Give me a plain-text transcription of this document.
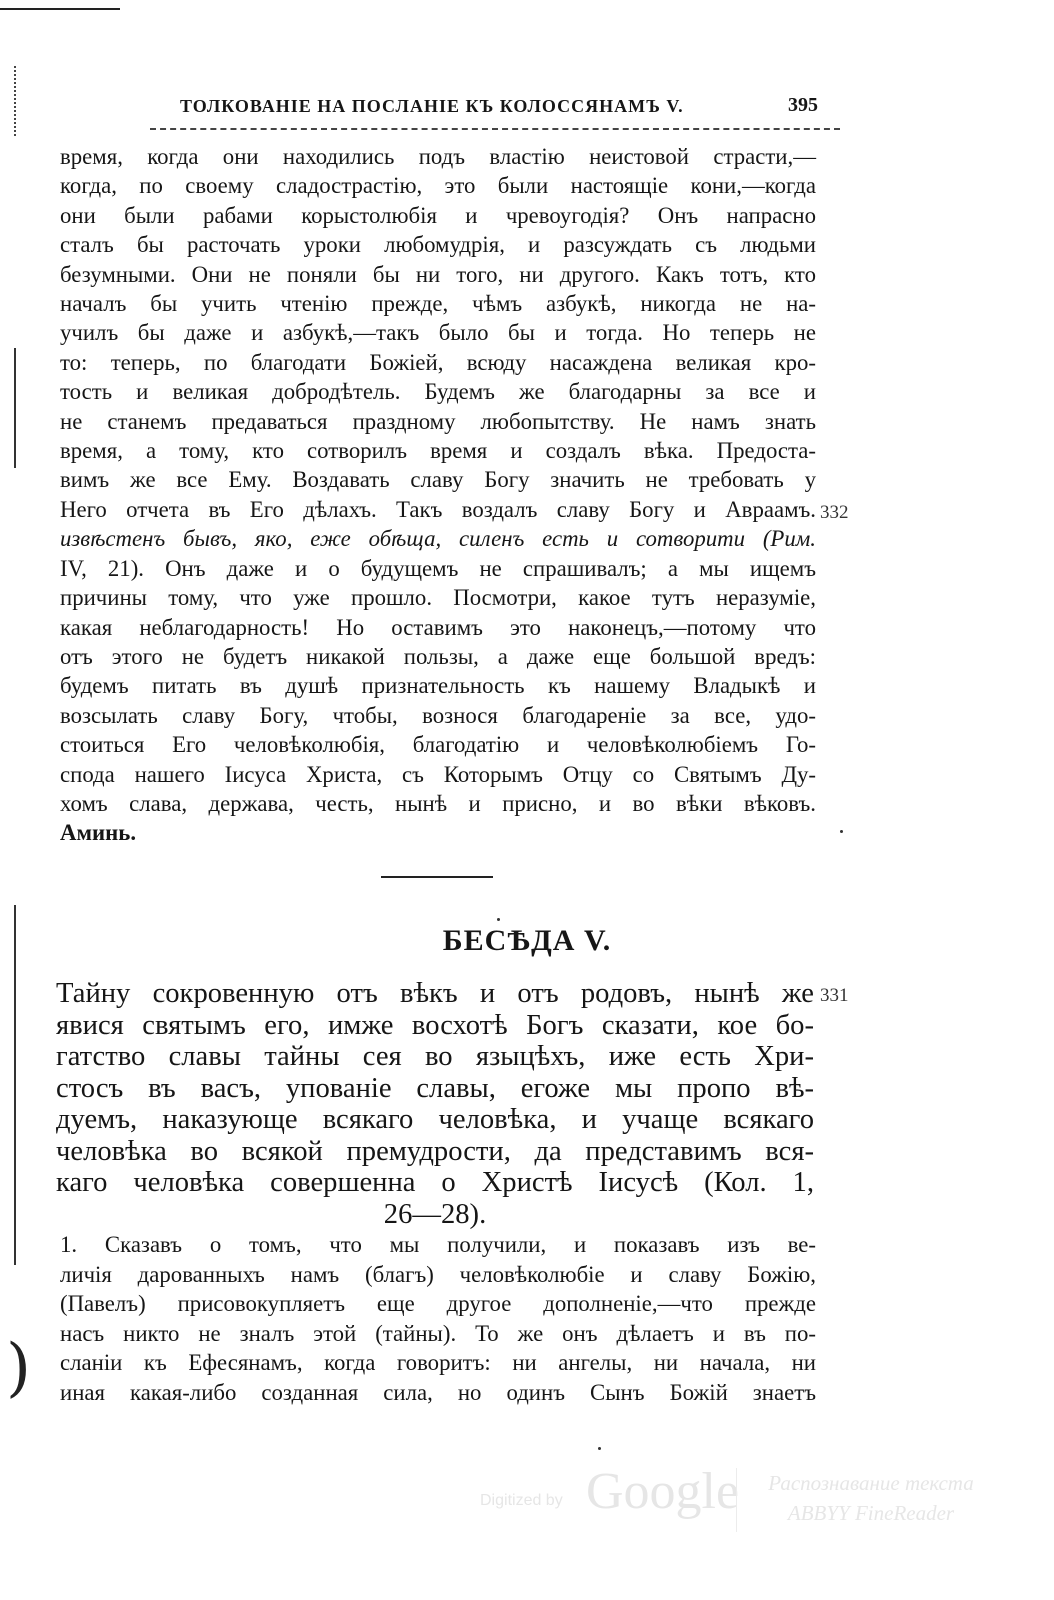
)
ТОЛКОВАНІЕ НА ПОСЛАНІЕ КЪ КОЛОССЯНАМЪ V.	395
время, когда они находились подъ властію неистовой страсти,—
когда, по своему сладострастію, это были настоящіе кони,—когда
они были рабами корыстолюбія и чревоугодія? Онъ напрасно
сталъ бы расточать уроки любомудрія, и разсуждать съ людьми
безумными. Они не поняли бы ни того, ни другого. Какъ тотъ, кто
началъ бы учить чтенію прежде, чѣмъ азбукѣ, никогда не на-
училъ бы даже и азбукѣ,—такъ было бы и тогда. Но теперь не
то: теперь, по благодати Божіей, всюду насаждена великая кро-
тость и великая добродѣтель. Будемъ же благодарны за все и
не станемъ предаваться праздному любопытству. Не намъ знать
время, а тому, кто сотворилъ время и создалъ вѣка. Предоста-
вимъ же все Ему. Воздавать славу Богу значить не требовать у
Него отчета въ Его дѣлахъ. Такъ воздалъ славу Богу и Авраамъ.
извѣстенъ бывъ, яко, еже обѣща, силенъ есть и сотворити (Рим.
IV, 21). Онъ даже и о будущемъ не спрашивалъ; а мы ищемъ
причины тому, что уже прошло. Посмотри, какое тутъ неразуміе,
какая неблагодарность! Но оставимъ это наконецъ,—потому что
отъ этого не будетъ никакой пользы, а даже еще большой вредъ:
будемъ питать въ душѣ признательность къ нашему Владыкѣ и
возсылать славу Богу, чтобы, вознося благодареніе за все, удо-
стоиться Его человѣколюбія, благодатію и человѣколюбіемъ Го-
спода нашего Іисуса Христа, съ Которымъ Отцу со Святымъ Ду-
хомъ слава, держава, честь, нынѣ и присно, и во вѣки вѣковъ.
Аминь.
332
331
БЕСѢДА V.
Тайну сокровенную отъ вѣкъ и отъ родовъ, нынѣ же
явися святымъ его, имже восхотѣ Богъ сказати, кое бо-
гатство славы тайны сея во языцѣхъ, иже есть Хри-
стосъ въ васъ, упованіе славы, егоже мы пропо вѣ-
дуемъ, наказующе всякаго человѣка, и учаще всякаго
человѣка во всякой премудрости, да представимъ вся-
каго человѣка совершенна о Христѣ Іисусѣ (Кол. 1,
26—28).
1. Сказавъ о томъ, что мы получили, и показавъ изъ ве-
личія дарованныхъ намъ (благъ) человѣколюбіе и славу Божію,
(Павелъ) присовокупляетъ еще другое дополненіе,—что прежде
насъ никто не зналъ этой (тайны). То же онъ дѣлаетъ и въ по-
сланіи къ Ефесянамъ, когда говоритъ: ни ангелы, ни начала, ни
иная какая-либо созданная сила, но одинъ Сынъ Божій знаетъ
Digitized by Google	Распознавание текста
ABBYY FineReader
